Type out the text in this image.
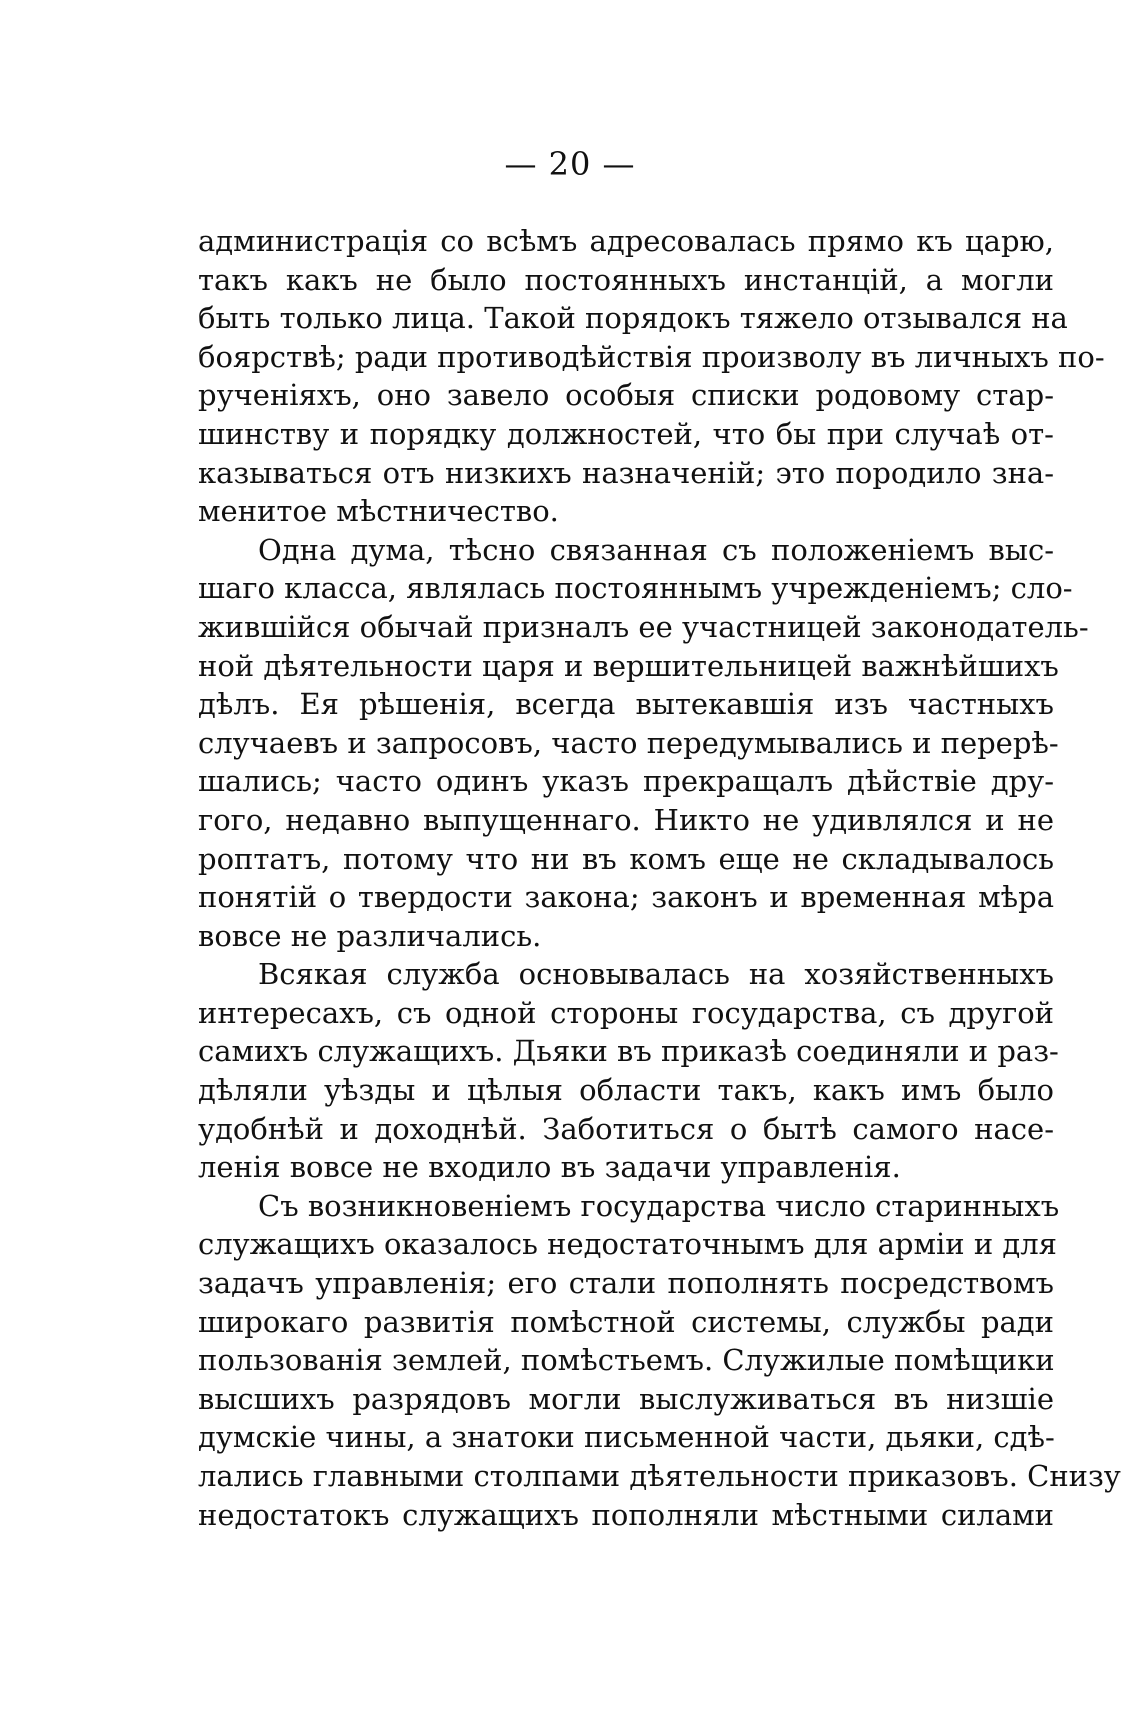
— 20 —
администрація со всѣмъ адресовалась прямо къ царю,
такъ какъ не было постоянныхъ инстанцій, а могли
быть только лица. Такой порядокъ тяжело отзывался на
боярствѣ; ради противодѣйствія произволу въ личныхъ по-
рученіяхъ, оно завело особыя списки родовому стар-
шинству и порядку должностей, что бы при случаѣ от-
казываться отъ низкихъ назначеній; это породило зна-
менитое мѣстничество.
Одна дума, тѣсно связанная съ положеніемъ выс-
шаго класса, являлась постояннымъ учрежденіемъ; сло-
жившійся обычай призналъ ее участницей законодатель-
ной дѣятельности царя и вершительницей важнѣйшихъ
дѣлъ. Ея рѣшенія, всегда вытекавшія изъ частныхъ
случаевъ и запросовъ, часто передумывались и перерѣ-
шались; часто одинъ указъ прекращалъ дѣйствіе дру-
гого, недавно выпущеннаго. Никто не удивлялся и не
роптатъ, потому что ни въ комъ еще не складывалось
понятій о твердости закона; законъ и временная мѣра
вовсе не различались.
Всякая служба основывалась на хозяйственныхъ
интересахъ, съ одной стороны государства, съ другой
самихъ служащихъ. Дьяки въ приказѣ соединяли и раз-
дѣляли уѣзды и цѣлыя области такъ, какъ имъ было
удобнѣй и доходнѣй. Заботиться о бытѣ самого насе-
ленія вовсе не входило въ задачи управленія.
Съ возникновеніемъ государства число старинныхъ
служащихъ оказалось недостаточнымъ для арміи и для
задачъ управленія; его стали пополнять посредствомъ
широкаго развитія помѣстной системы, службы ради
пользованія землей, помѣстьемъ. Служилые помѣщики
высшихъ разрядовъ могли выслуживаться въ низшіе
думскіе чины, а знатоки письменной части, дьяки, сдѣ-
лались главными столпами дѣятельности приказовъ. Снизу
недостатокъ служащихъ пополняли мѣстными силами
